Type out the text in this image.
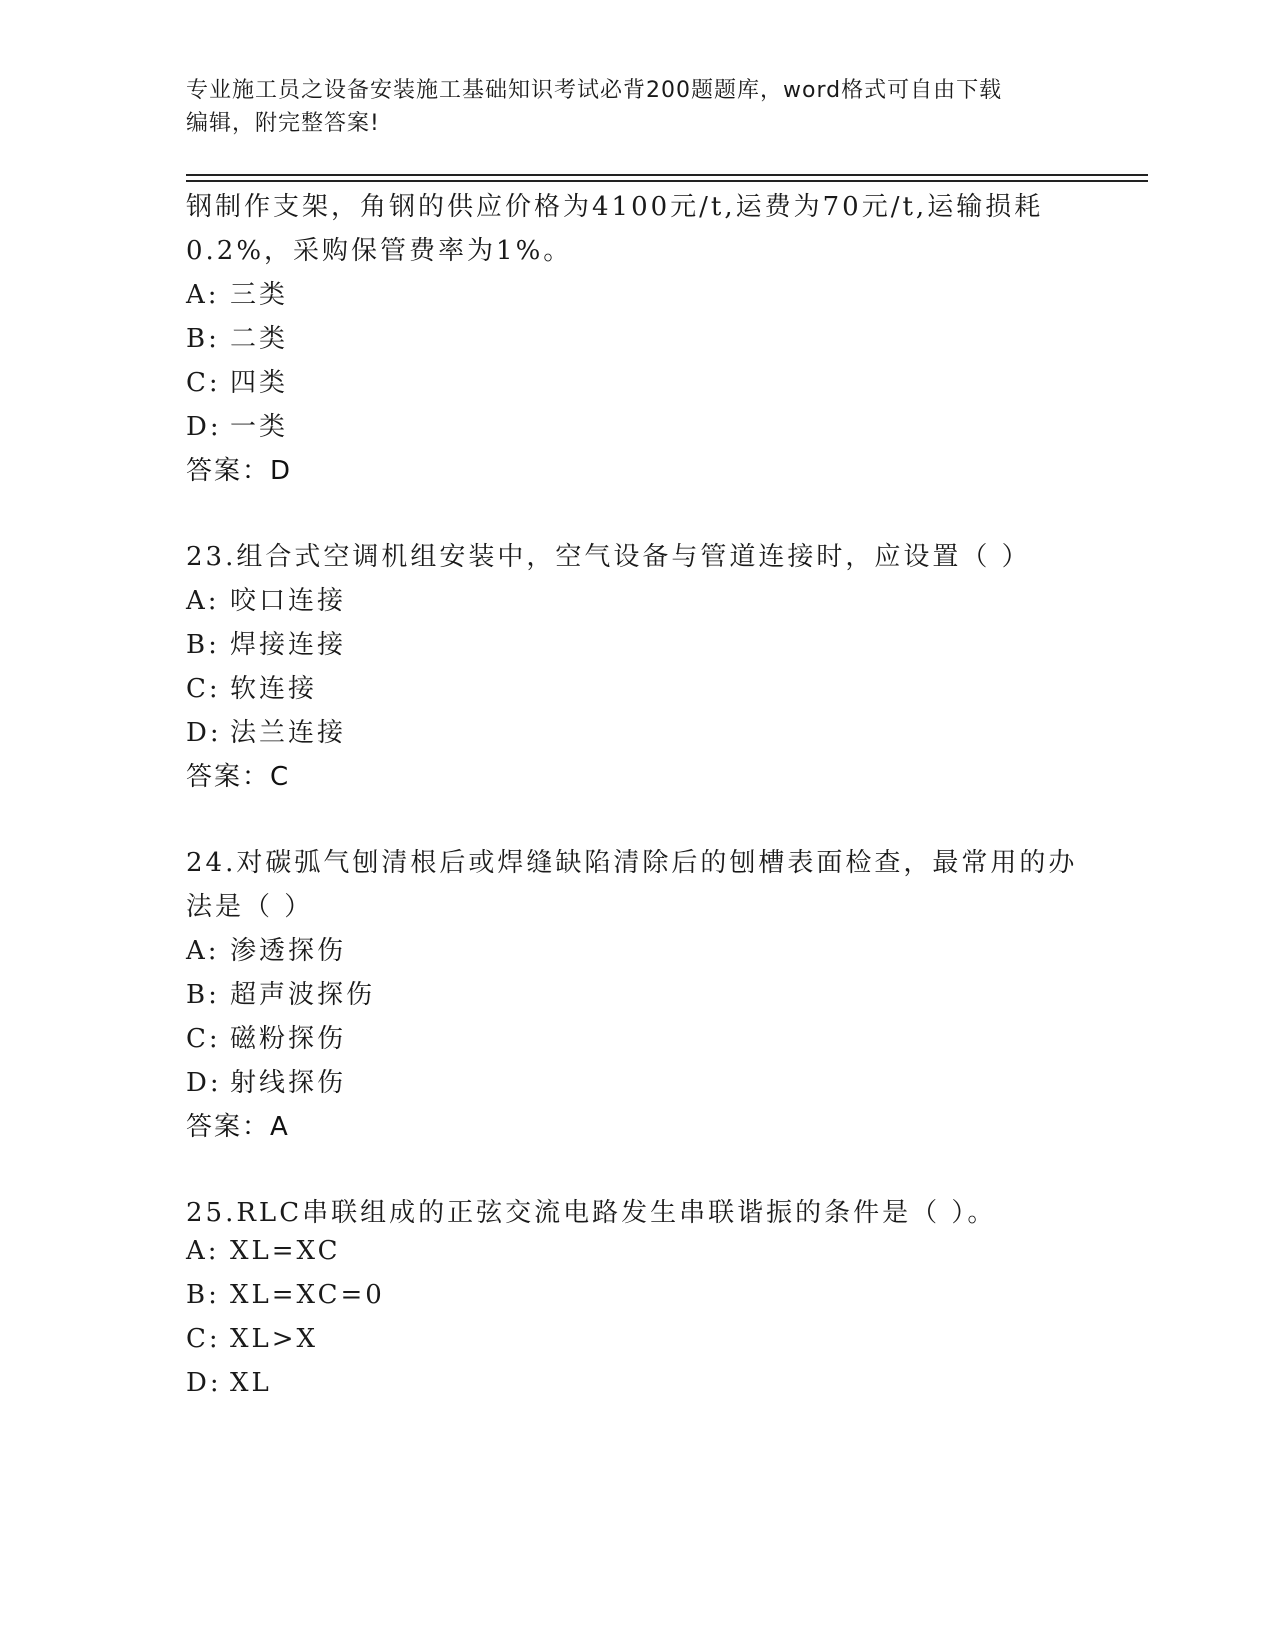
专业施工员之设备安装施工基础知识考试必背200题题库，word格式可自由下载
编辑，附完整答案!
钢制作支架，角钢的供应价格为4100元/t,运费为70元/t,运输损耗
0.2%，采购保管费率为1%。
A: 三类
B: 二类
C: 四类
D: 一类
答案：D
23.组合式空调机组安装中，空气设备与管道连接时，应设置（ ）
A: 咬口连接
B: 焊接连接
C: 软连接
D: 法兰连接
答案：C
24.对碳弧气刨清根后或焊缝缺陷清除后的刨槽表面检查，最常用的办
法是（ ）
A: 渗透探伤
B: 超声波探伤
C: 磁粉探伤
D: 射线探伤
答案：A
25.RLC串联组成的正弦交流电路发生串联谐振的条件是（ ）。
A: XL=XC
B: XL=XC=0
C: XL>X
D: XL
